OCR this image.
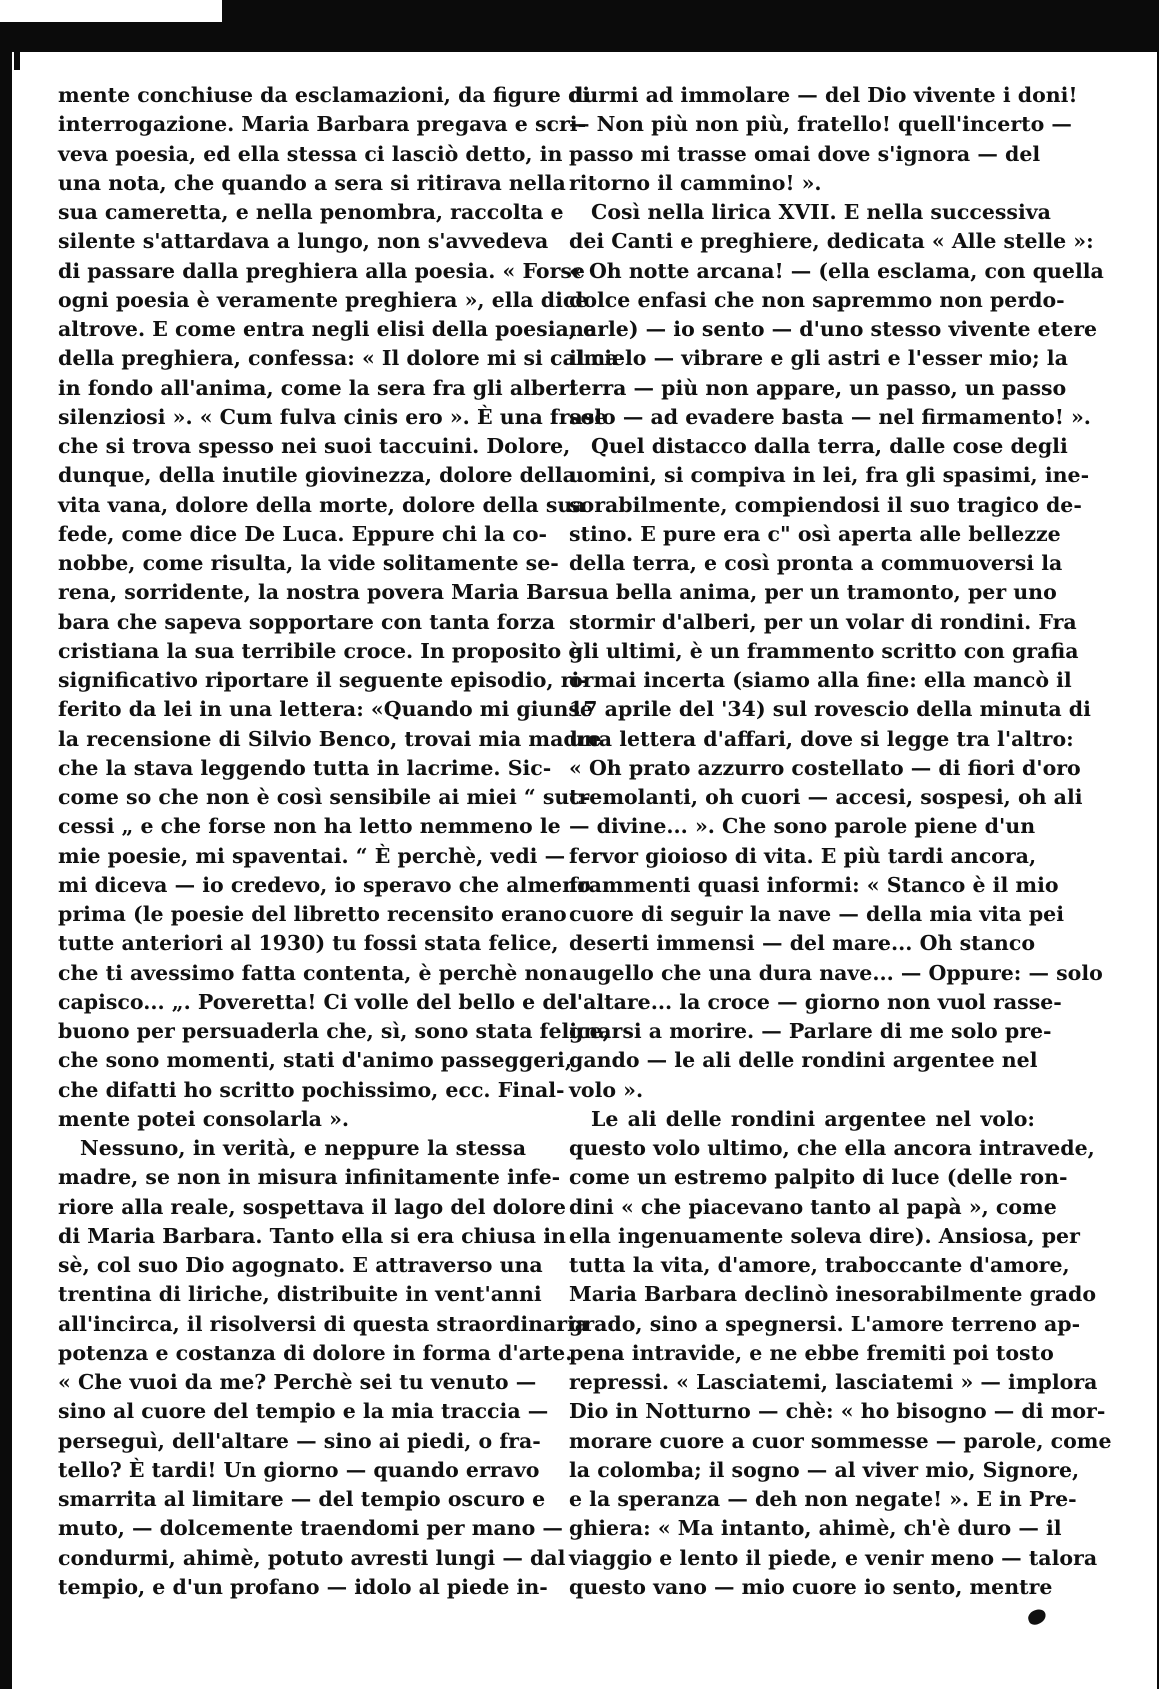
mente conchiuse da esclamazioni, da figure di
interrogazione. Maria Barbara pregava e scri-
veva poesia, ed ella stessa ci lasciò detto, in
una nota, che quando a sera si ritirava nella
sua cameretta, e nella penombra, raccolta e
silente s'attardava a lungo, non s'avvedeva
di passare dalla preghiera alla poesia. « Forse
ogni poesia è veramente preghiera », ella dice
altrove. E come entra negli elisi della poesia, e
della preghiera, confessa: « Il dolore mi si calma
in fondo all'anima, come la sera fra gli alberi
silenziosi ». « Cum fulva cinis ero ». È una frase
che si trova spesso nei suoi taccuini. Dolore,
dunque, della inutile giovinezza, dolore della
vita vana, dolore della morte, dolore della sua
fede, come dice De Luca. Eppure chi la co-
nobbe, come risulta, la vide solitamente se-
rena, sorridente, la nostra povera Maria Bar-
bara che sapeva sopportare con tanta forza
cristiana la sua terribile croce. In proposito è
significativo riportare il seguente episodio, ri-
ferito da lei in una lettera: «Quando mi giunse
la recensione di Silvio Benco, trovai mia madre
che la stava leggendo tutta in lacrime. Sic-
come so che non è così sensibile ai miei “ suc-
cessi „ e che forse non ha letto nemmeno le
mie poesie, mi spaventai. “ È perchè, vedi —
mi diceva — io credevo, io speravo che almeno
prima (le poesie del libretto recensito erano
tutte anteriori al 1930) tu fossi stata felice,
che ti avessimo fatta contenta, è perchè non
capisco... „. Poveretta! Ci volle del bello e del
buono per persuaderla che, sì, sono stata felice,
che sono momenti, stati d'animo passeggeri,
che difatti ho scritto pochissimo, ecc. Final-
mente potei consolarla ».
Nessuno, in verità, e neppure la stessa
madre, se non in misura infinitamente infe-
riore alla reale, sospettava il lago del dolore
di Maria Barbara. Tanto ella si era chiusa in
sè, col suo Dio agognato. E attraverso una
trentina di liriche, distribuite in vent'anni
all'incirca, il risolversi di questa straordinaria
potenza e costanza di dolore in forma d'arte.
« Che vuoi da me? Perchè sei tu venuto —
sino al cuore del tempio e la mia traccia —
perseguì, dell'altare — sino ai piedi, o fra-
tello? È tardi! Un giorno — quando erravo
smarrita al limitare — del tempio oscuro e
muto, — dolcemente traendomi per mano —
condurmi, ahimè, potuto avresti lungi — dal
tempio, e d'un profano — idolo al piede in-
durmi ad immolare — del Dio vivente i doni!
— Non più non più, fratello! quell'incerto —
passo mi trasse omai dove s'ignora — del
ritorno il cammino! ».
Così nella lirica XVII. E nella successiva
dei Canti e preghiere, dedicata « Alle stelle »:
« Oh notte arcana! — (ella esclama, con quella
dolce enfasi che non sapremmo non perdo-
narle) — io sento — d'uno stesso vivente etere
il cielo — vibrare e gli astri e l'esser mio; la
terra — più non appare, un passo, un passo
solo — ad evadere basta — nel firmamento! ».
Quel distacco dalla terra, dalle cose degli
uomini, si compiva in lei, fra gli spasimi, ine-
sorabilmente, compiendosi il suo tragico de-
stino. E pure era c" osì aperta alle bellezze
della terra, e così pronta a commuoversi la
sua bella anima, per un tramonto, per uno
stormir d'alberi, per un volar di rondini. Fra
gli ultimi, è un frammento scritto con grafia
ormai incerta (siamo alla fine: ella mancò il
17 aprile del '34) sul rovescio della minuta di
una lettera d'affari, dove si legge tra l'altro:
« Oh prato azzurro costellato — di fiori d'oro
tremolanti, oh cuori — accesi, sospesi, oh ali
— divine... ». Che sono parole piene d'un
fervor gioioso di vita. E più tardi ancora,
frammenti quasi informi: « Stanco è il mio
cuore di seguir la nave — della mia vita pei
deserti immensi — del mare... Oh stanco
augello che una dura nave... — Oppure: — solo
l'altare... la croce — giorno non vuol rasse-
gnarsi a morire. — Parlare di me solo pre-
gando — le ali delle rondini argentee nel
volo ».
Le ali delle rondini argentee nel volo:
questo volo ultimo, che ella ancora intravede,
come un estremo palpito di luce (delle ron-
dini « che piacevano tanto al papà », come
ella ingenuamente soleva dire). Ansiosa, per
tutta la vita, d'amore, traboccante d'amore,
Maria Barbara declinò inesorabilmente grado
grado, sino a spegnersi. L'amore terreno ap-
pena intravide, e ne ebbe fremiti poi tosto
repressi. « Lasciatemi, lasciatemi » — implora
Dio in Notturno — chè: « ho bisogno — di mor-
morare cuore a cuor sommesse — parole, come
la colomba; il sogno — al viver mio, Signore,
e la speranza — deh non negate! ». E in Pre-
ghiera: « Ma intanto, ahimè, ch'è duro — il
viaggio e lento il piede, e venir meno — talora
questo vano — mio cuore io sento, mentre
